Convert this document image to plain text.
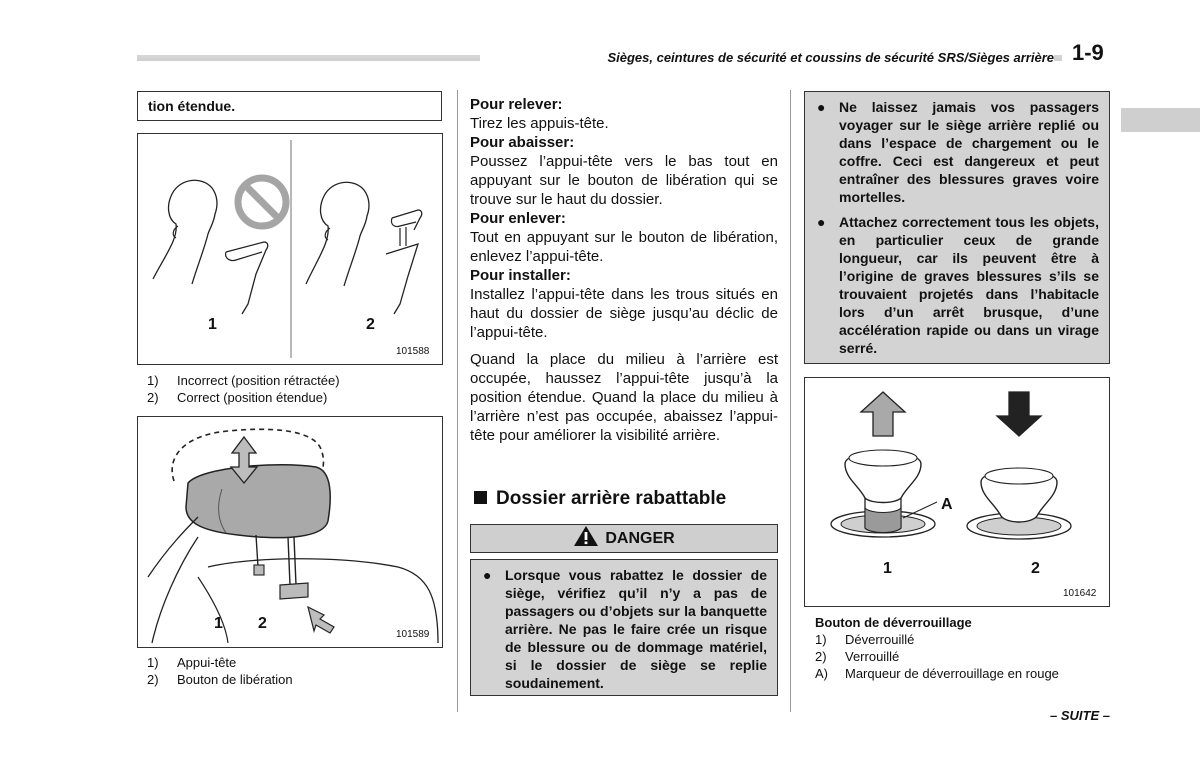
Sièges, ceintures de sécurité et coussins de sécurité SRS/Sièges arrière 1-9
tion étendue.
1	2
101588
1) Incorrect (position rétractée)
2) Correct (position étendue)
1 2
101589
1) Appui-tête
2) Bouton de libération

Pour relever:

Tirez les appuis-tête.

Pour abaisser:

Poussez l’appui-tête vers le bas tout en appuyant sur le bouton de libération qui se trouve sur le haut du dossier.

Pour enlever:

Tout en appuyant sur le bouton de libération, enlevez l’appui-tête.

Pour installer:

Installez l’appui-tête dans les trous situés en haut du dossier de siège jusqu’au déclic de l’appui-tête.

Quand la place du milieu à l’arrière est occupée, haussez l’appui-tête jusqu’à la position étendue. Quand la place du milieu à l’arrière n’est pas occupée, abaissez l’appui-tête pour améliorer la visibilité arrière.

Dossier arrière rabattable
DANGER
● Lorsque vous rabattez le dossier de siège, vérifiez qu’il n’y a pas de passagers ou d’objets sur la banquette arrière. Ne pas le faire crée un risque de blessure ou de dommage matériel, si le dossier de siège se replie soudainement.
● Ne laissez jamais vos passagers voyager sur le siège arrière replié ou dans l’espace de chargement ou le coffre. Ceci est dangereux et peut entraîner des blessures graves voire mortelles.
● Attachez correctement tous les objets, en particulier ceux de grande longueur, car ils peuvent être à l’origine de graves blessures s’ils se trouvaient projetés dans l’habitacle lors d’un arrêt brusque, d’une accélération rapide ou dans un virage serré.
A
1	2
101642
Bouton de déverrouillage
1) Déverrouillé
2) Verrouillé
A) Marqueur de déverrouillage en rouge
– SUITE –
